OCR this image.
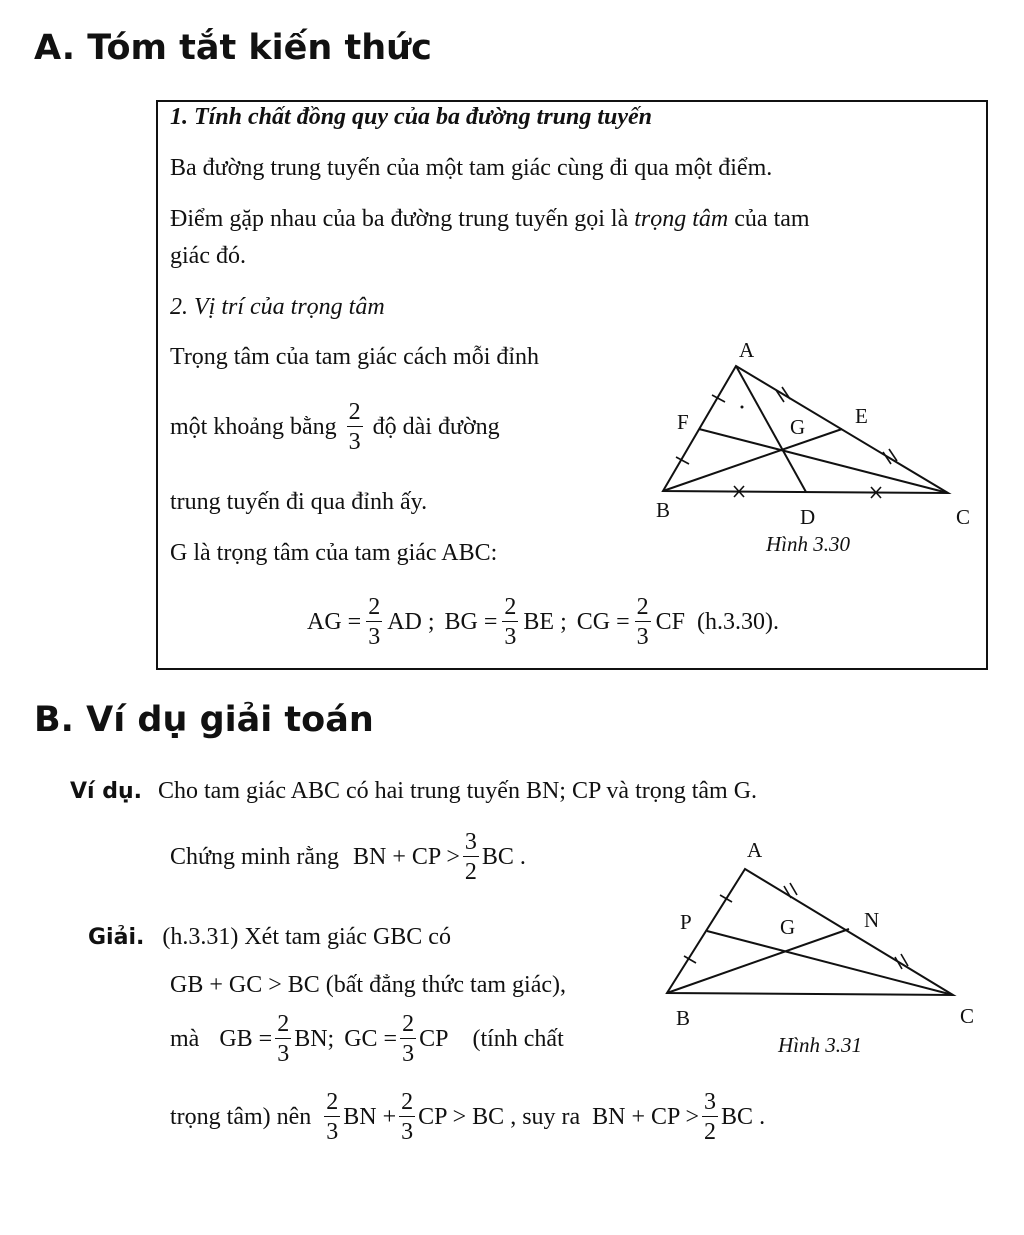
A. Tóm tắt kiến thức
1. Tính chất đồng quy của ba đường trung tuyến
Ba đường trung tuyến của một tam giác cùng đi qua một điểm.
Điểm gặp nhau của ba đường trung tuyến gọi là trọng tâm của tam
giác đó.
2. Vị trí của trọng tâm
Trọng tâm của tam giác cách mỗi đỉnh
một khoảng bằng $\frac{2}{3}$ độ dài đường
trung tuyến đi qua đỉnh ấy.
G là trọng tâm của tam giác ABC:
AG = $\frac{2}{3}$ AD ; BG = $\frac{2}{3}$ BE ; CG = $\frac{2}{3}$ CF (h.3.30).
A
F	G E
B	D	C
Hình 3.30
B. Ví dụ giải toán
Ví dụ. Cho tam giác ABC có hai trung tuyến BN; CP và trọng tâm G.
Chứng minh rằng BN + CP > $\frac{3}{2}$ BC .
Giải. (h.3.31) Xét tam giác GBC có
GB + GC > BC (bất đẳng thức tam giác),
mà GB = $\frac{2}{3}$ BN; GC = $\frac{2}{3}$ CP (tính chất
trọng tâm) nên $\frac{2}{3}$ BN + $\frac{2}{3}$ CP > BC , suy ra BN + CP > $\frac{3}{2}$ BC .
A
P	G	N
B	C
Hình 3.31
